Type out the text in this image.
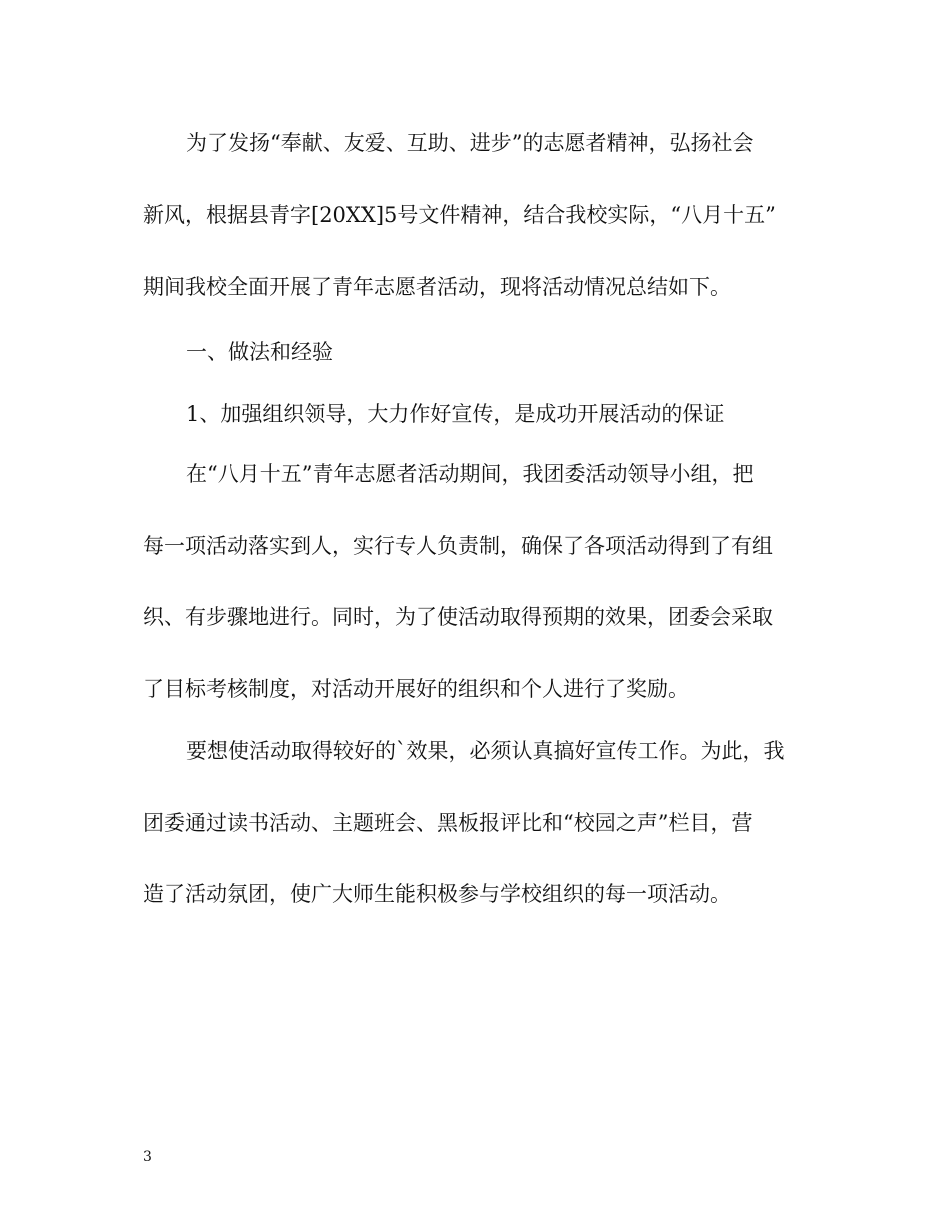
为了发扬“奉献、友爱、互助、进步”的志愿者精神，弘扬社会
新风，根据县青字[20XX]5号文件精神，结合我校实际，“八月十五”
期间我校全面开展了青年志愿者活动，现将活动情况总结如下。
一、做法和经验
1、加强组织领导，大力作好宣传，是成功开展活动的保证
在“八月十五”青年志愿者活动期间，我团委活动领导小组，把
每一项活动落实到人，实行专人负责制，确保了各项活动得到了有组
织、有步骤地进行。同时，为了使活动取得预期的效果，团委会采取
了目标考核制度，对活动开展好的组织和个人进行了奖励。
要想使活动取得较好的`效果，必须认真搞好宣传工作。为此，我
团委通过读书活动、主题班会、黑板报评比和“校园之声”栏目，营
造了活动氛团，使广大师生能积极参与学校组织的每一项活动。
3
